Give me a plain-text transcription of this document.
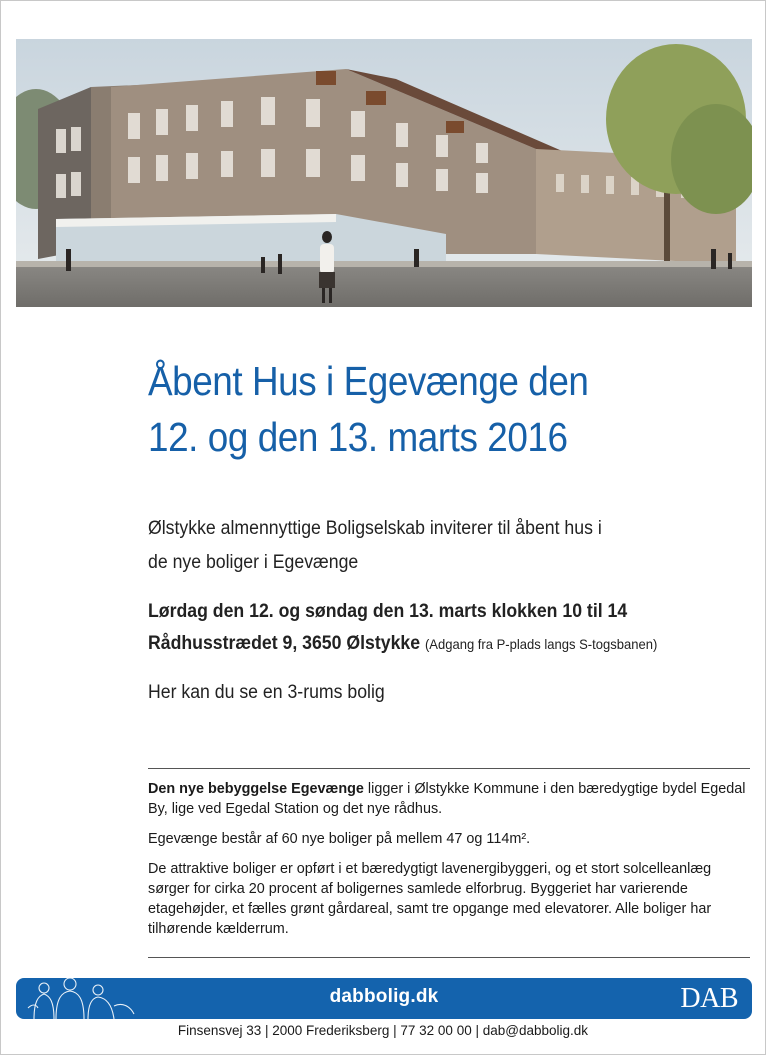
Åbent Hus i Egevænge den
12. og den 13. marts 2016
Ølstykke almennyttige Boligselskab inviterer til åbent hus i
de nye boliger i Egevænge
Lørdag den 12. og søndag den 13. marts klokken 10 til 14
Rådhusstrædet 9, 3650 Ølstykke (Adgang fra P-plads langs S-togsbanen)
Her kan du se en 3-rums bolig

Den nye bebyggelse Egevænge ligger i Ølstykke Kommune i den bæredygtige bydel Egedal By, lige ved Egedal Station og det nye rådhus.

Egevænge består af 60 nye boliger på mellem 47 og 114m².

De attraktive boliger er opført i et bæredygtigt lavenergibyggeri, og et stort solcelleanlæg sørger for cirka 20 procent af boligernes samlede elforbrug. Byggeriet har varierende etagehøjder, et fælles grønt gårdareal, samt tre opgange med elevatorer. Alle boliger har tilhørende kælderrum.

dabbolig.dk	DAB
Finsensvej 33 | 2000 Frederiksberg | 77 32 00 00 | dab@dabbolig.dk
